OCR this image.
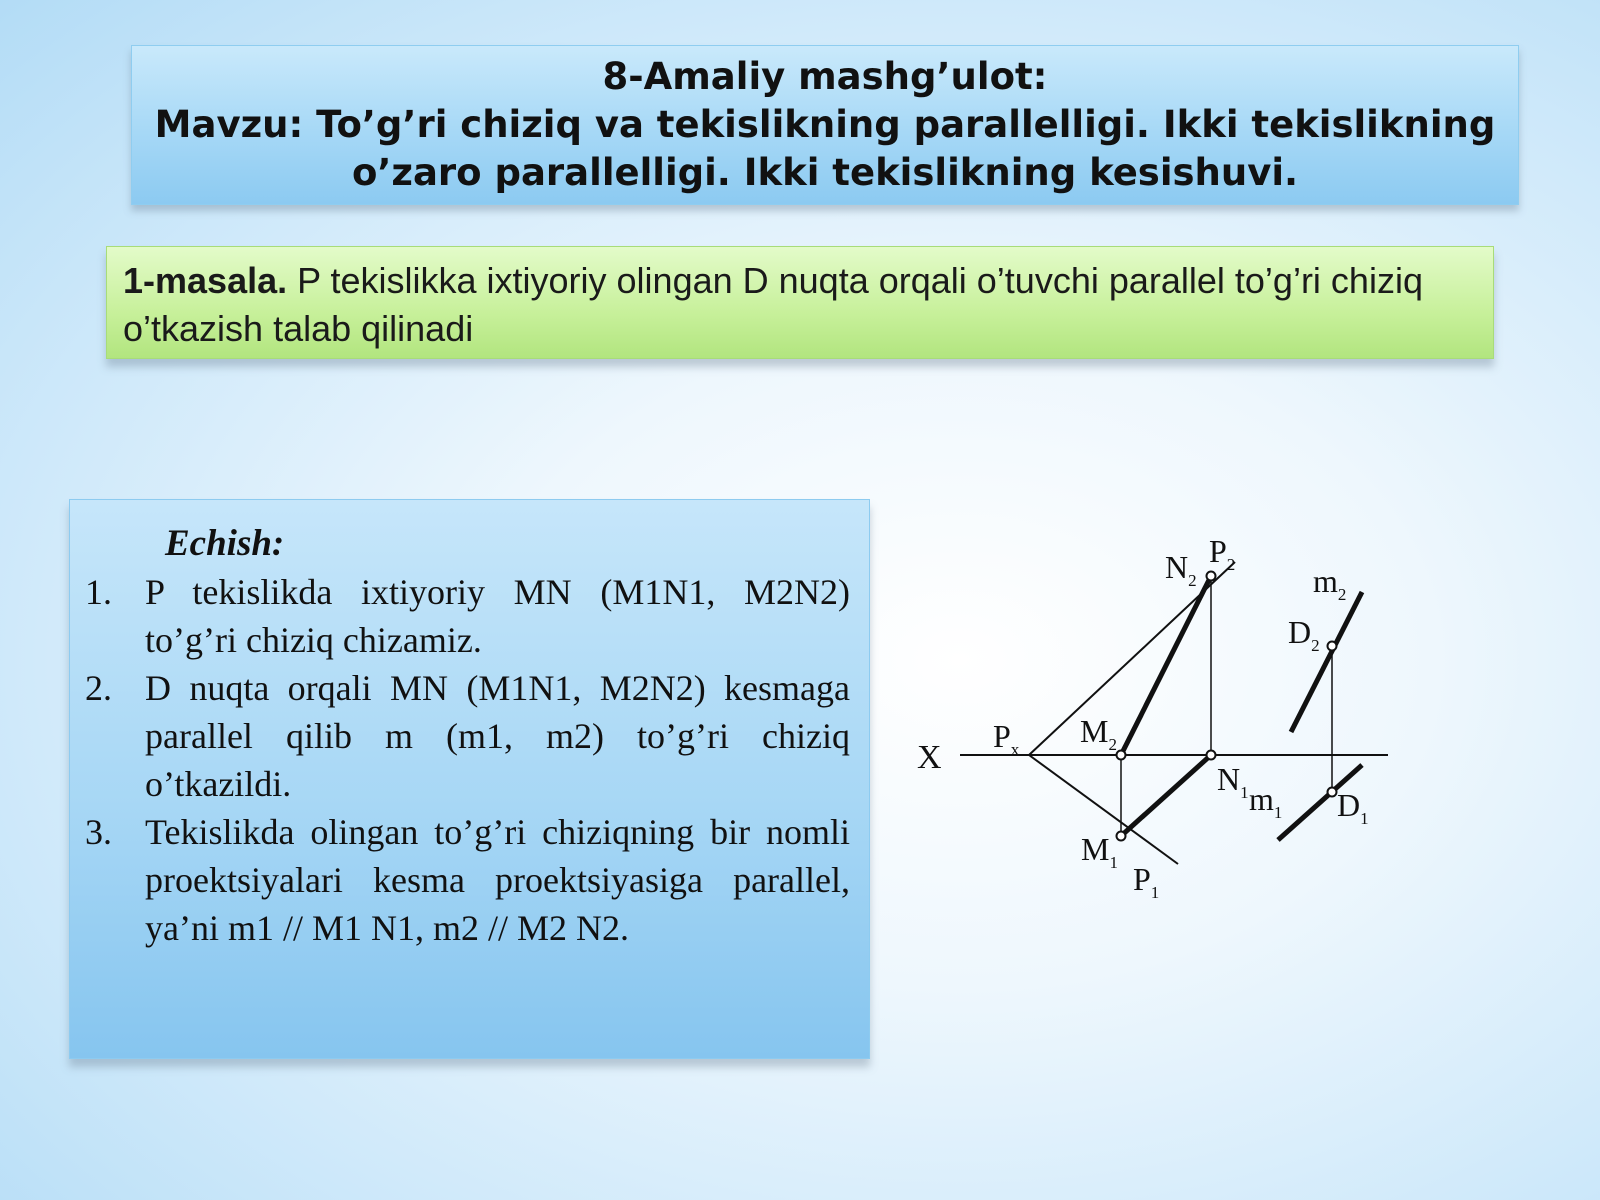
8-Amaliy mashg’ulot:
Mavzu: To’g’ri chiziq va tekislikning parallelligi. Ikki tekislikning
o’zaro parallelligi. Ikki tekislikning kesishuvi.
1-masala. P tekislikka ixtiyoriy olingan D nuqta orqali o’tuvchi parallel to’g’ri chiziq o’tkazish talab qilinadi
Echish:
1. P tekislikda ixtiyoriy MN (M1N1, M2N2) to’g’ri chiziq chizamiz.
2. D nuqta orqali MN (M1N1, M2N2) kesmaga parallel qilib m (m1, m2) to’g’ri chiziq o’tkazildi.
3. Tekislikda olingan to’g’ri chiziqning bir nomli proektsiyalari kesma proektsiyasiga parallel, ya’ni m1 // M1 N1, m2 // M2 N2.
X
$P_x$
$P_2$
$P_1$
$N_2$
$M_2$
$N_1$
$M_1$
$D_2$
$D_1$
$m_2$
$m_1$
